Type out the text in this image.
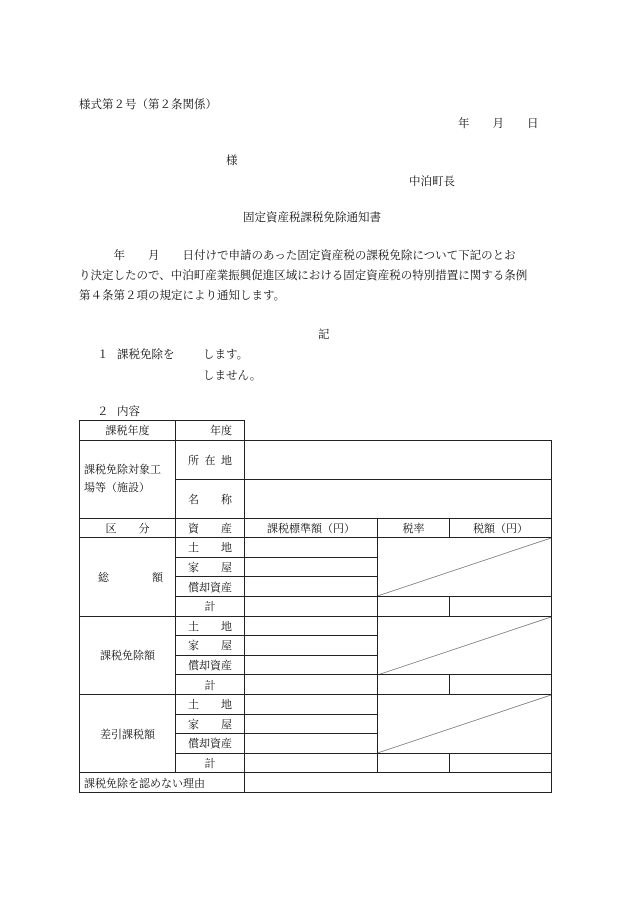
様式第２号（第２条関係）
年　　月　　日
様
中泊町長
固定資産税課税免除通知書
　　　年　　月　　日付けで申請のあった固定資産税の課税免除について下記のとお
り決定したので、中泊町産業振興促進区域における固定資産税の特別措置に関する条例
第４条第２項の規定により通知します。
記
１ 課税免除を します。
しません。
２ 内容
課税年度	年度			
課税免除対象工場等（施設）	所 在 地			
	名　　称			
区　　分	資　　産	課税標準額（円）	税率	税額（円）
総　　額	土　　地		

	家　　屋			
	償却資産			
	計			
課税免除額	土　　地		

	家　　屋			
	償却資産			
	計			
差引課税額	土　　地		

	家　　屋			
	償却資産			
	計			
課税免除を認めない理由				
